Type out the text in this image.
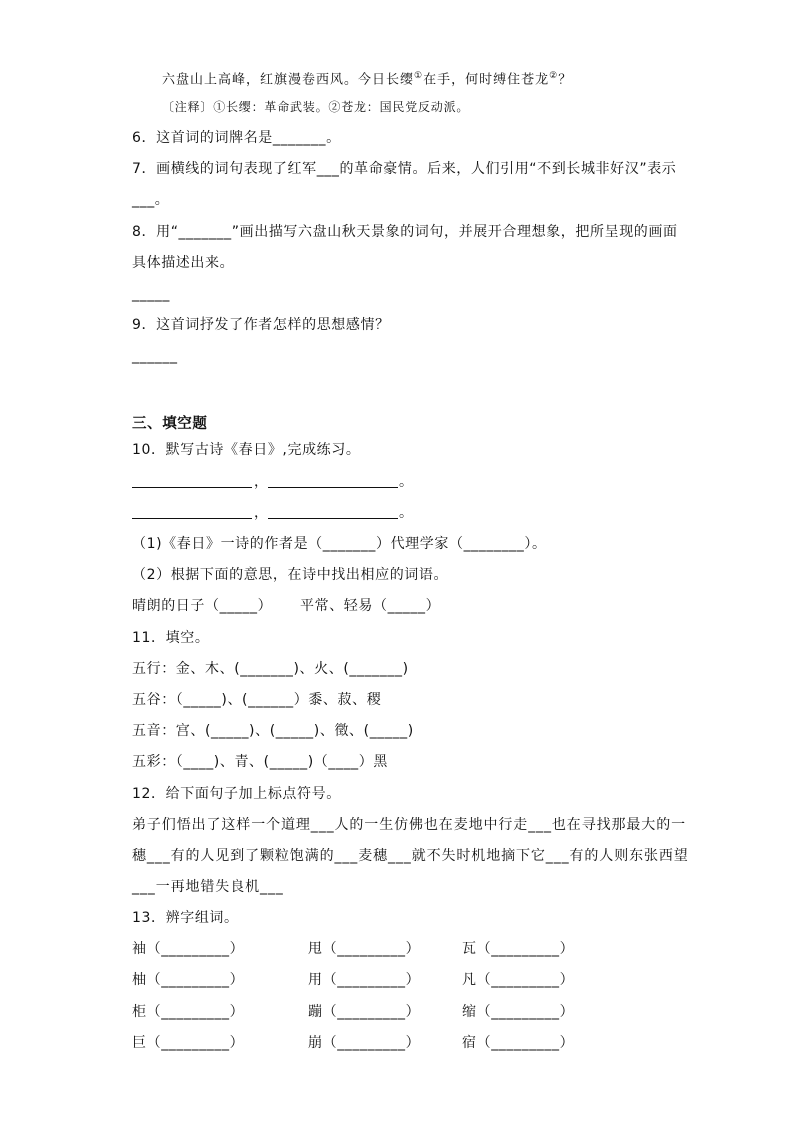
六盘山上高峰，红旗漫卷西风。今日长缨①在手，何时缚住苍龙②？
〔注释〕①长缨：革命武装。②苍龙：国民党反动派。
6．这首词的词牌名是_______。
7．画横线的词句表现了红军___的革命豪情。后来，人们引用“不到长城非好汉”表示
___。
8．用“_______”画出描写六盘山秋天景象的词句，并展开合理想象，把所呈现的画面
具体描述出来。
_____
9．这首词抒发了作者怎样的思想感情？
______
三、填空题
10．默写古诗《春日》,完成练习。
，	。
，	。
（1)《春日》一诗的作者是（_______）代理学家（________）。
（2）根据下面的意思，在诗中找出相应的词语。
晴朗的日子（_____） 平常、轻易（_____）
11．填空。
五行：金、木、(_______)、火、(_______)
五谷：（_____)、(______）黍、菽、稷
五音：宫、(_____)、(_____)、徵、(_____)
五彩：（____)、青、(_____)（____）黑
12．给下面句子加上标点符号。
弟子们悟出了这样一个道理___人的一生仿佛也在麦地中行走___也在寻找那最大的一
穗___有的人见到了颗粒饱满的___麦穗___就不失时机地摘下它___有的人则东张西望
___一再地错失良机___
13．辨字组词。
袖（_________）	甩（_________）	瓦（_________）
柚（_________）	用（_________）	凡（_________）
柜（_________）	蹦（_________）	缩（_________）
巨（_________）	崩（_________）	宿（_________）
